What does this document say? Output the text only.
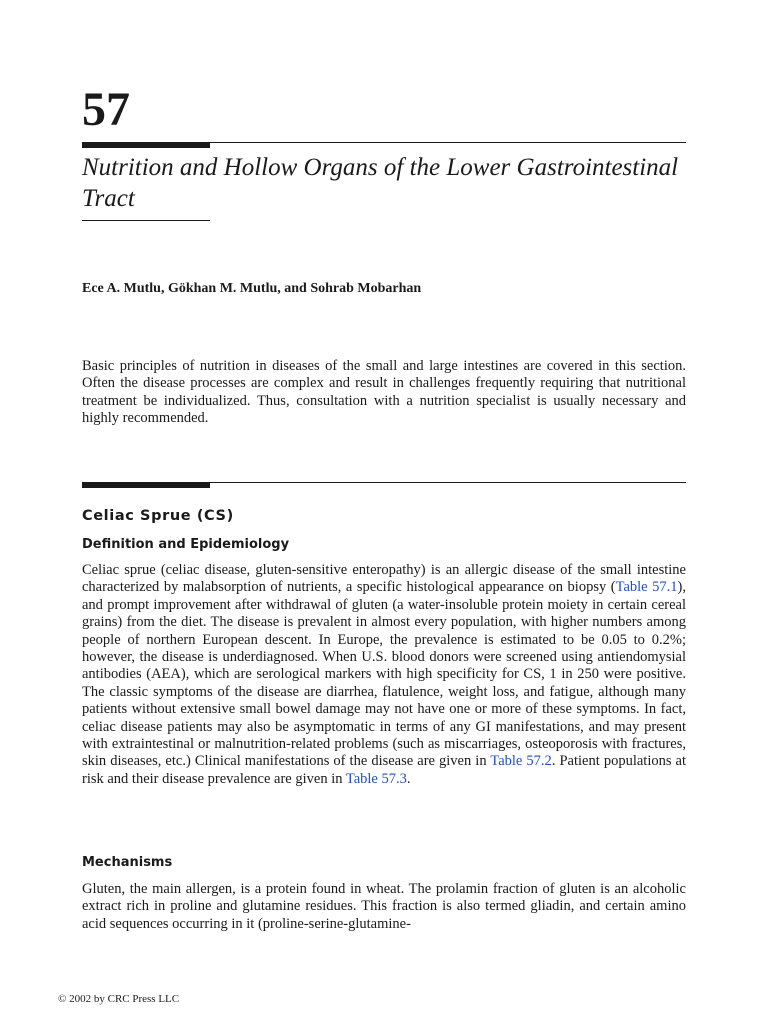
57
Nutrition and Hollow Organs of the Lower Gastrointestinal Tract

Ece A. Mutlu, Gökhan M. Mutlu, and Sohrab Mobarhan

Basic principles of nutrition in diseases of the small and large intestines are covered in this section. Often the disease processes are complex and result in challenges frequently requiring that nutritional treatment be individualized. Thus, consultation with a nutrition specialist is usually necessary and highly recommended.

Celiac Sprue (CS)
Definition and Epidemiology

Celiac sprue (celiac disease, gluten-sensitive enteropathy) is an allergic disease of the small intestine characterized by malabsorption of nutrients, a specific histological appearance on biopsy (Table 57.1), and prompt improvement after withdrawal of gluten (a water-insoluble protein moiety in certain cereal grains) from the diet. The disease is prevalent in almost every population, with higher numbers among people of northern European descent. In Europe, the prevalence is estimated to be 0.05 to 0.2%; however, the disease is underdiagnosed. When U.S. blood donors were screened using antiendomysial antibodies (AEA), which are serological markers with high specificity for CS, 1 in 250 were positive. The classic symptoms of the disease are diarrhea, flatulence, weight loss, and fatigue, although many patients without extensive small bowel damage may not have one or more of these symptoms. In fact, celiac disease patients may also be asymptomatic in terms of any GI manifestations, and may present with extraintestinal or malnutrition-related problems (such as miscarriages, osteoporosis with fractures, skin diseases, etc.) Clinical manifestations of the disease are given in Table 57.2. Patient populations at risk and their disease prevalence are given in Table 57.3.

Mechanisms

Gluten, the main allergen, is a protein found in wheat. The prolamin fraction of gluten is an alcoholic extract rich in proline and glutamine residues. This fraction is also termed gliadin, and certain amino acid sequences occurring in it (proline-serine-glutamine-

© 2002 by CRC Press LLC
